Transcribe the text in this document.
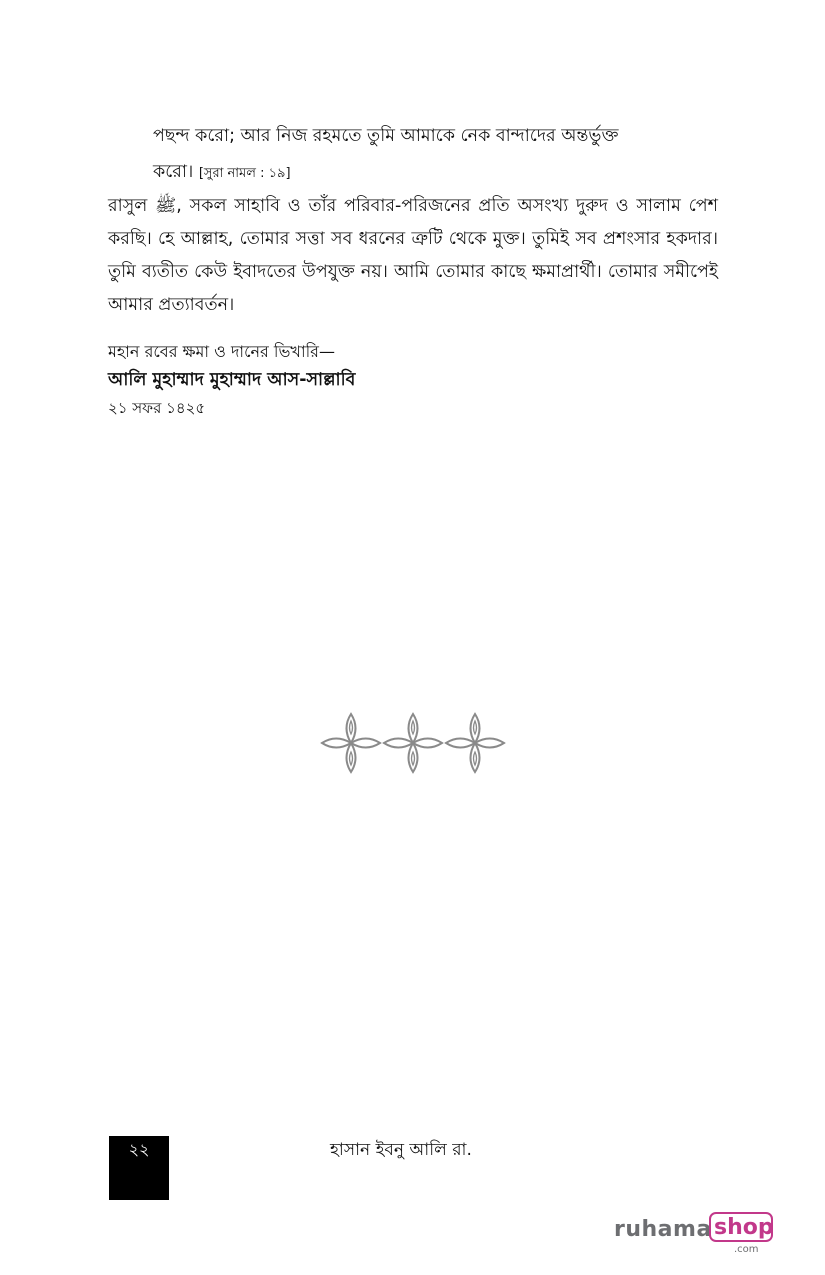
পছন্দ করো; আর নিজ রহমতে তুমি আমাকে নেক বান্দাদের অন্তর্ভুক্ত
করো। [সুরা নামল : ১৯]
রাসুল ﷺ, সকল সাহাবি ও তাঁর পরিবার-পরিজনের প্রতি অসংখ্য দুরুদ ও সালাম পেশ করছি। হে আল্লাহ, তোমার সত্তা সব ধরনের ত্রুটি থেকে মুক্ত। তুমিই সব প্রশংসার হকদার। তুমি ব্যতীত কেউ ইবাদতের উপযুক্ত নয়। আমি তোমার কাছে ক্ষমাপ্রার্থী। তোমার সমীপেই আমার প্রত্যাবর্তন।
মহান রবের ক্ষমা ও দানের ভিখারি—
আলি মুহাম্মাদ মুহাম্মাদ আস-সাল্লাবি
২১ সফর ১৪২৫
২২	হাসান ইবনু আলি রা.
ruhama shop
.com
